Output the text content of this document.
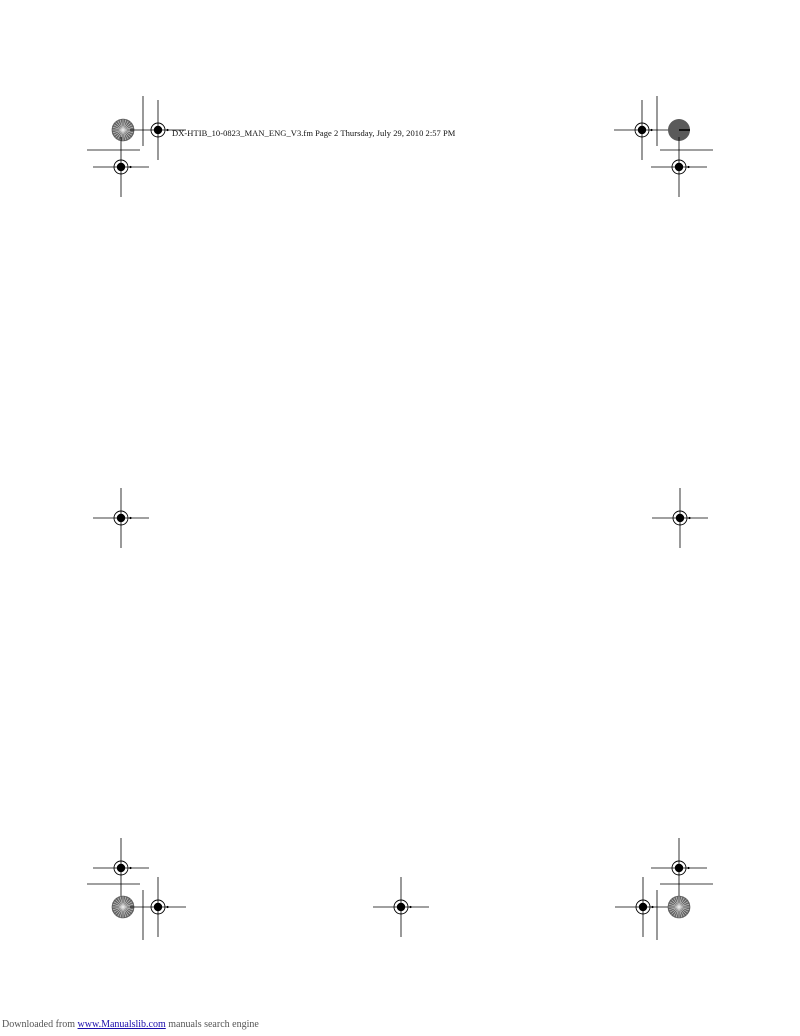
DX-HTIB_10-0823_MAN_ENG_V3.fm Page 2 Thursday, July 29, 2010 2:57 PM
Downloaded from www.Manualslib.com manuals search engine
